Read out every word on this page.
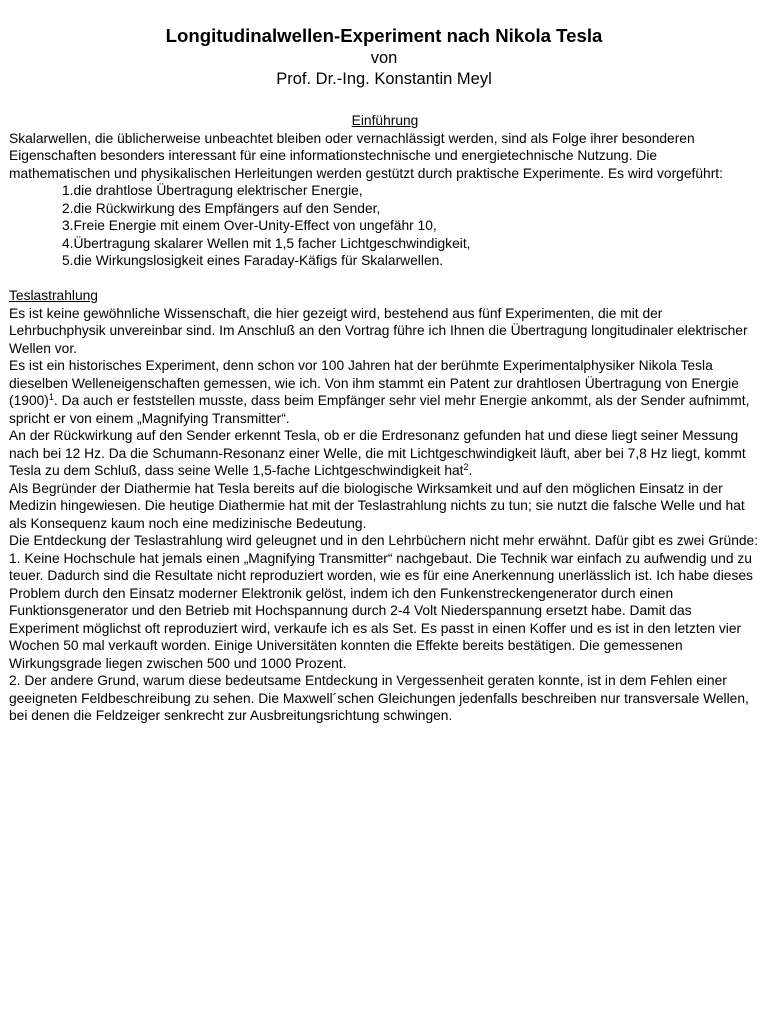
Longitudinalwellen-Experiment nach Nikola Tesla
von
Prof. Dr.-Ing. Konstantin Meyl
Einführung

Skalarwellen, die üblicherweise unbeachtet bleiben oder vernachlässigt werden, sind als Folge ihrer besonderen Eigenschaften besonders interessant für eine informationstechnische und energietechnische Nutzung. Die mathematischen und physikalischen Herleitungen werden gestützt durch praktische Experimente. Es wird vorgeführt:

1.die drahtlose Übertragung elektrischer Energie,
2.die Rückwirkung des Empfängers auf den Sender,
3.Freie Energie mit einem Over-Unity-Effect von ungefähr 10,
4.Übertragung skalarer Wellen mit 1,5 facher Lichtgeschwindigkeit,
5.die Wirkungslosigkeit eines Faraday-Käfigs für Skalarwellen.
Teslastrahlung

Es ist keine gewöhnliche Wissenschaft, die hier gezeigt wird, bestehend aus fünf Experimenten, die mit der Lehrbuchphysik unvereinbar sind. Im Anschluß an den Vortrag führe ich Ihnen die Übertragung longitudinaler elektrischer Wellen vor.

Es ist ein historisches Experiment, denn schon vor 100 Jahren hat der berühmte Experimentalphysiker Nikola Tesla dieselben Welleneigenschaften gemessen, wie ich. Von ihm stammt ein Patent zur drahtlosen Übertragung von Energie $(1900)^1$. Da auch er feststellen musste, dass beim Empfänger sehr viel mehr Energie ankommt, als der Sender aufnimmt, spricht er von einem „Magnifying Transmitter“.

An der Rückwirkung auf den Sender erkennt Tesla, ob er die Erdresonanz gefunden hat und diese liegt seiner Messung nach bei 12 Hz. Da die Schumann-Resonanz einer Welle, die mit Lichtgeschwindigkeit läuft, aber bei 7,8 Hz liegt, kommt Tesla zu dem Schluß, dass seine Welle 1,5-fache Lichtgeschwindigkeit hat$^2$.

Als Begründer der Diathermie hat Tesla bereits auf die biologische Wirksamkeit und auf den möglichen Einsatz in der Medizin hingewiesen. Die heutige Diathermie hat mit der Teslastrahlung nichts zu tun; sie nutzt die falsche Welle und hat als Konsequenz kaum noch eine medizinische Bedeutung.

Die Entdeckung der Teslastrahlung wird geleugnet und in den Lehrbüchern nicht mehr erwähnt. Dafür gibt es zwei Gründe:

1. Keine Hochschule hat jemals einen „Magnifying Transmitter“ nachgebaut. Die Technik war einfach zu aufwendig und zu teuer. Dadurch sind die Resultate nicht reproduziert worden, wie es für eine Anerkennung unerlässlich ist. Ich habe dieses Problem durch den Einsatz moderner Elektronik gelöst, indem ich den Funkenstreckengenerator durch einen Funktionsgenerator und den Betrieb mit Hochspannung durch 2-4 Volt Niederspannung ersetzt habe. Damit das Experiment möglichst oft reproduziert wird, verkaufe ich es als Set. Es passt in einen Koffer und es ist in den letzten vier Wochen 50 mal verkauft worden. Einige Universitäten konnten die Effekte bereits bestätigen. Die gemessenen Wirkungsgrade liegen zwischen 500 und 1000 Prozent.

2. Der andere Grund, warum diese bedeutsame Entdeckung in Vergessenheit geraten konnte, ist in dem Fehlen einer geeigneten Feldbeschreibung zu sehen. Die Maxwell´schen Gleichungen jedenfalls beschreiben nur transversale Wellen, bei denen die Feldzeiger senkrecht zur Ausbreitungsrichtung schwingen.
